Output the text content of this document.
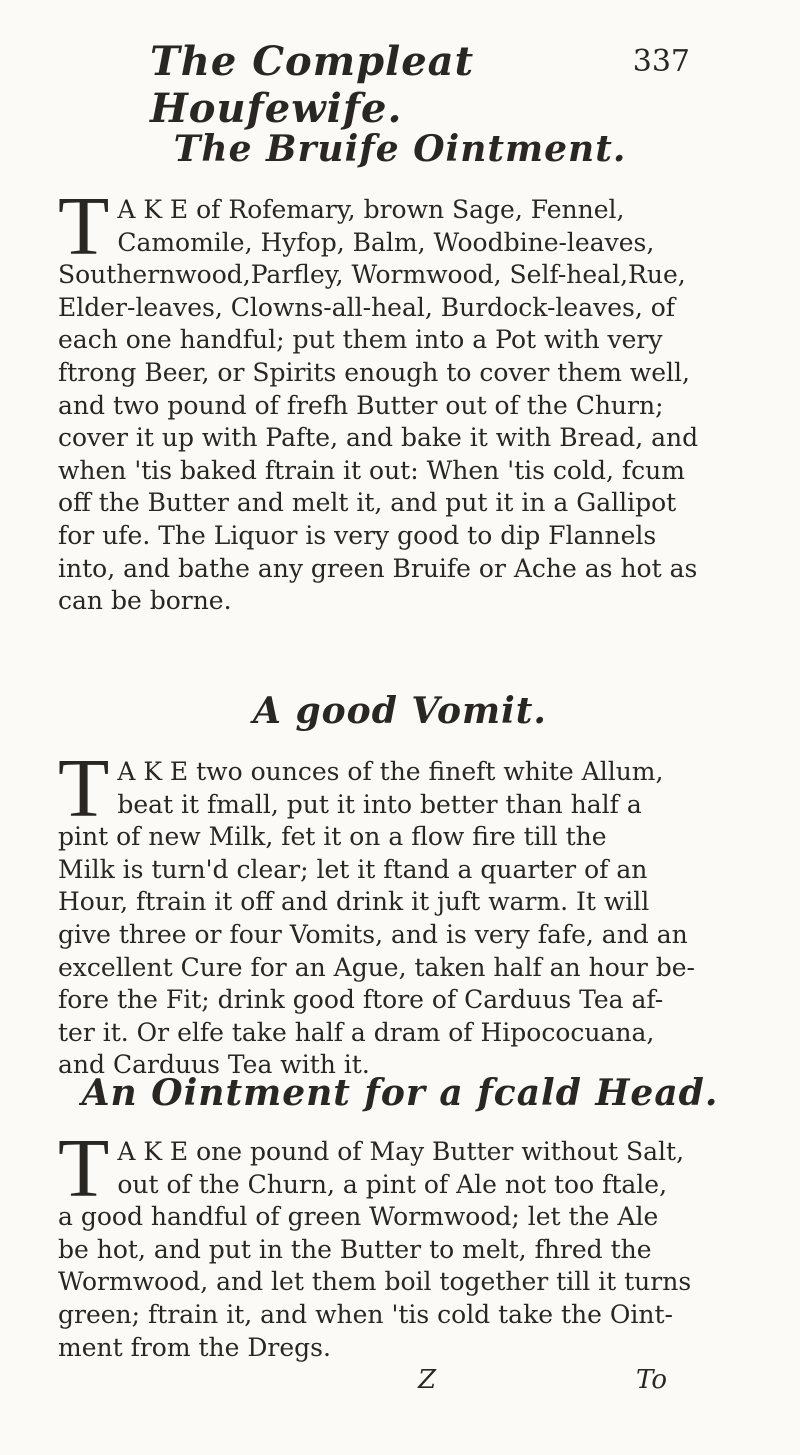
The Compleat Houfewife.
337
The Bruife Ointment.
T A K E of Rofemary, brown Sage, Fennel,
Camomile, Hyfop, Balm, Woodbine-leaves,
Southernwood,Parfley, Wormwood, Self-heal,Rue,
Elder-leaves, Clowns-all-heal, Burdock-leaves, of
each one handful; put them into a Pot with very
ftrong Beer, or Spirits enough to cover them well,
and two pound of frefh Butter out of the Churn;
cover it up with Pafte, and bake it with Bread, and
when 'tis baked ftrain it out: When 'tis cold, fcum
off the Butter and melt it, and put it in a Gallipot
for ufe. The Liquor is very good to dip Flannels
into, and bathe any green Bruife or Ache as hot as
can be borne.
A good Vomit.
T A K E two ounces of the fineft white Allum,
beat it fmall, put it into better than half a
pint of new Milk, fet it on a flow fire till the
Milk is turn'd clear; let it ftand a quarter of an
Hour, ftrain it off and drink it juft warm. It will
give three or four Vomits, and is very fafe, and an
excellent Cure for an Ague, taken half an hour be-
fore the Fit; drink good ftore of Carduus Tea af-
ter it. Or elfe take half a dram of Hipococuana,
and Carduus Tea with it.
An Ointment for a fcald Head.
T A K E one pound of May Butter without Salt,
out of the Churn, a pint of Ale not too ftale,
a good handful of green Wormwood; let the Ale
be hot, and put in the Butter to melt, fhred the
Wormwood, and let them boil together till it turns
green; ftrain it, and when 'tis cold take the Oint-
ment from the Dregs.
Z	To
